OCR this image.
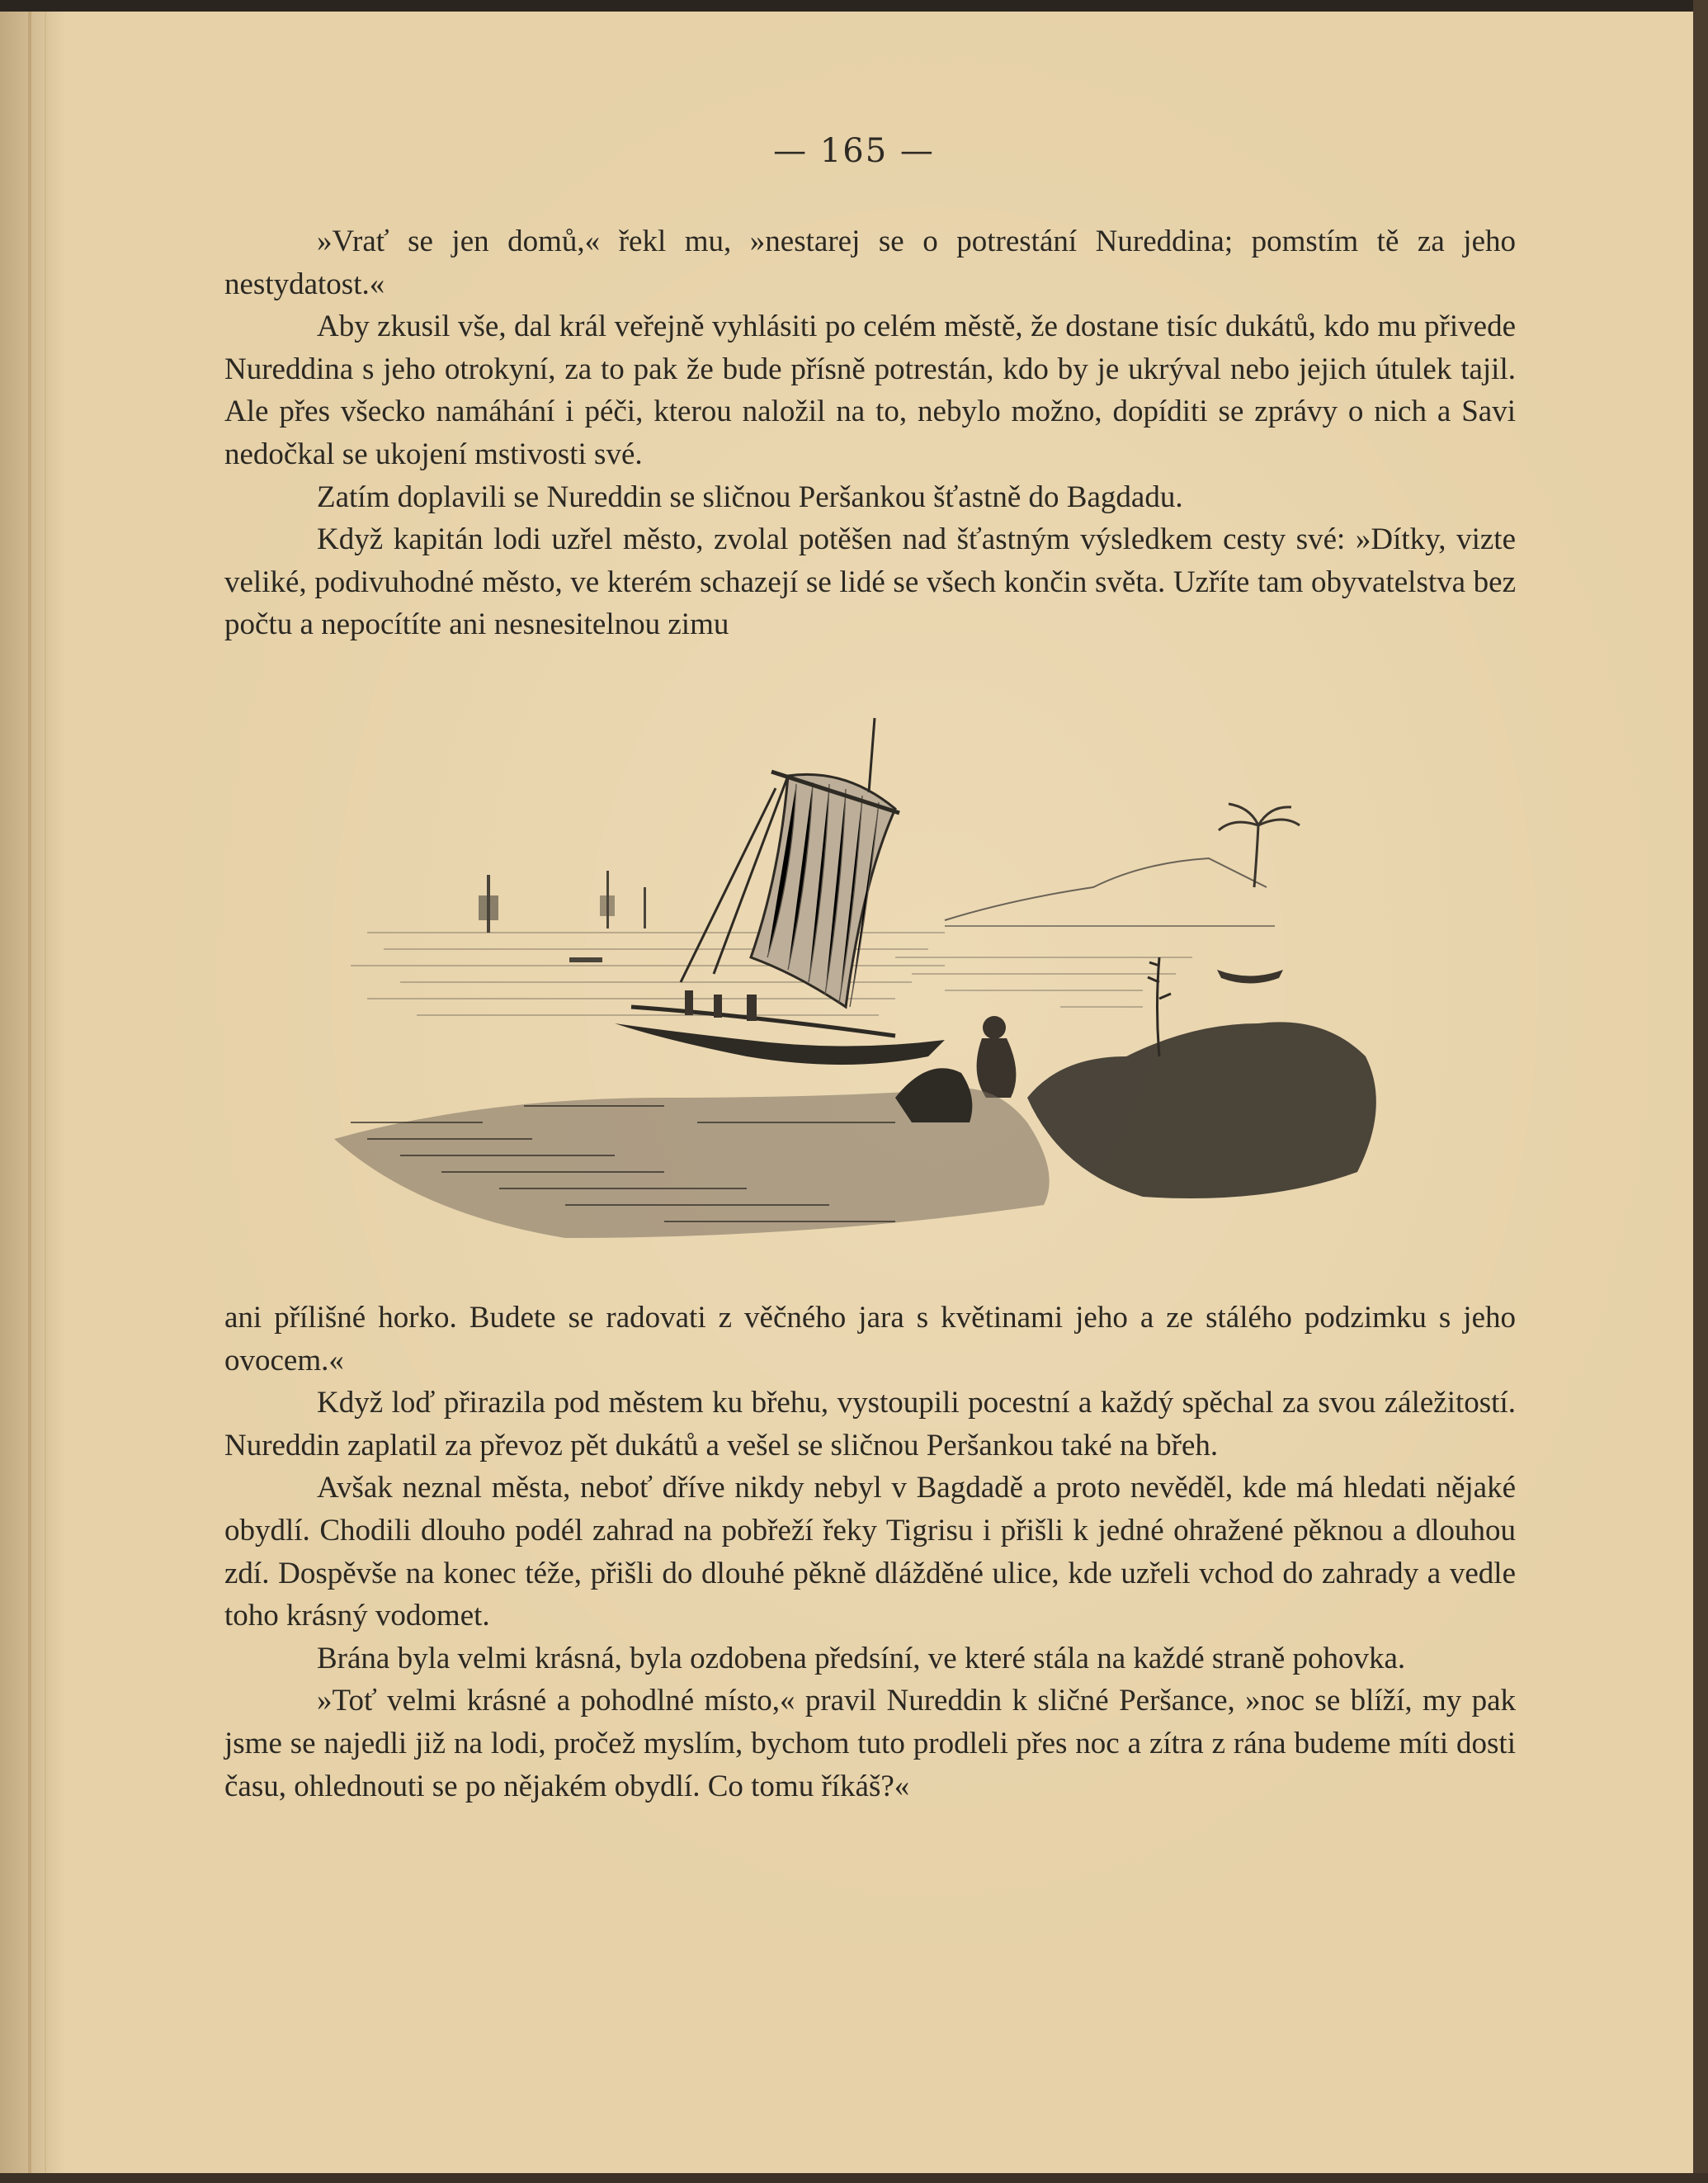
— 165 —

»Vrať se jen domů,« řekl mu, »nestarej se o potrestání Nureddina; pomstím tě za jeho nestydatost.«

Aby zkusil vše, dal král veřejně vyhlásiti po celém městě, že dostane tisíc dukátů, kdo mu přivede Nureddina s jeho otrokyní, za to pak že bude přísně potrestán, kdo by je ukrýval nebo jejich útulek tajil. Ale přes všecko namáhání i péči, kterou naložil na to, nebylo možno, dopíditi se zprávy o nich a Savi nedočkal se ukojení mstivosti své.

Zatím doplavili se Nureddin se sličnou Peršankou šťastně do Bagdadu.

Když kapitán lodi uzřel město, zvolal potěšen nad šťastným výsledkem cesty své: »Dítky, vizte veliké, podivuhodné město, ve kterém schazejí se lidé se všech končin světa. Uzříte tam obyvatelstva bez počtu a nepocítíte ani nesnesitelnou zimu

ani přílišné horko. Budete se radovati z věčného jara s květinami jeho a ze stálého podzimku s jeho ovocem.«

Když loď přirazila pod městem ku břehu, vystoupili pocestní a každý spěchal za svou záležitostí. Nureddin zaplatil za převoz pět dukátů a vešel se sličnou Peršankou také na břeh.

Avšak neznal města, neboť dříve nikdy nebyl v Bagdadě a proto nevěděl, kde má hledati nějaké obydlí. Chodili dlouho podél zahrad na pobřeží řeky Tigrisu i přišli k jedné ohražené pěknou a dlouhou zdí. Dospěvše na konec téže, přišli do dlouhé pěkně dlážděné ulice, kde uzřeli vchod do zahrady a vedle toho krásný vodomet.

Brána byla velmi krásná, byla ozdobena předsíní, ve které stála na každé straně pohovka.

»Toť velmi krásné a pohodlné místo,« pravil Nureddin k sličné Peršance, »noc se blíží, my pak jsme se najedli již na lodi, pročež myslím, bychom tuto prodleli přes noc a zítra z rána budeme míti dosti času, ohlednouti se po nějakém obydlí. Co tomu říkáš?«
